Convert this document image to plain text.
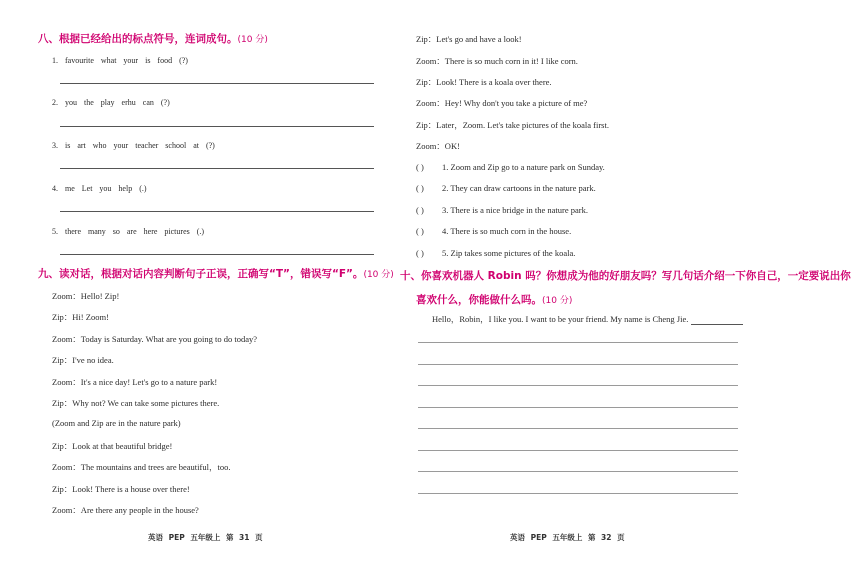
八、根据已经给出的标点符号，连词成句。(10 分)
1. favourite what your is food (?)
2. you the play erhu can (?)
3. is art who your teacher school at (?)
4. me Let you help (.)
5. there many so are here pictures (.)
九、读对话，根据对话内容判断句子正误，正确写“T”，错误写“F”。(10 分)
Zoom：Hello! Zip!
Zip：Hi! Zoom!
Zoom：Today is Saturday. What are you going to do today?
Zip：I've no idea.
Zoom：It's a nice day! Let's go to a nature park!
Zip：Why not? We can take some pictures there.
(Zoom and Zip are in the nature park)
Zip：Look at that beautiful bridge!
Zoom：The mountains and trees are beautiful，too.
Zip：Look! There is a house over there!
Zoom：Are there any people in the house?
英语 PEP 五年级上 第 31 页
Zip：Let's go and have a look!
Zoom：There is so much corn in it! I like corn.
Zip：Look! There is a koala over there.
Zoom：Hey! Why don't you take a picture of me?
Zip：Later，Zoom. Let's take pictures of the koala first.
Zoom：OK!
( ) 1. Zoom and Zip go to a nature park on Sunday.
( ) 2. They can draw cartoons in the nature park.
( ) 3. There is a nice bridge in the nature park.
( ) 4. There is so much corn in the house.
( ) 5. Zip takes some pictures of the koala.
十、你喜欢机器人 Robin 吗？你想成为他的好朋友吗？写几句话介绍一下你自己，一定要说出你
喜欢什么，你能做什么吗。(10 分)
Hello，Robin，I like you. I want to be your friend. My name is Cheng Jie.
英语 PEP 五年级上 第 32 页
